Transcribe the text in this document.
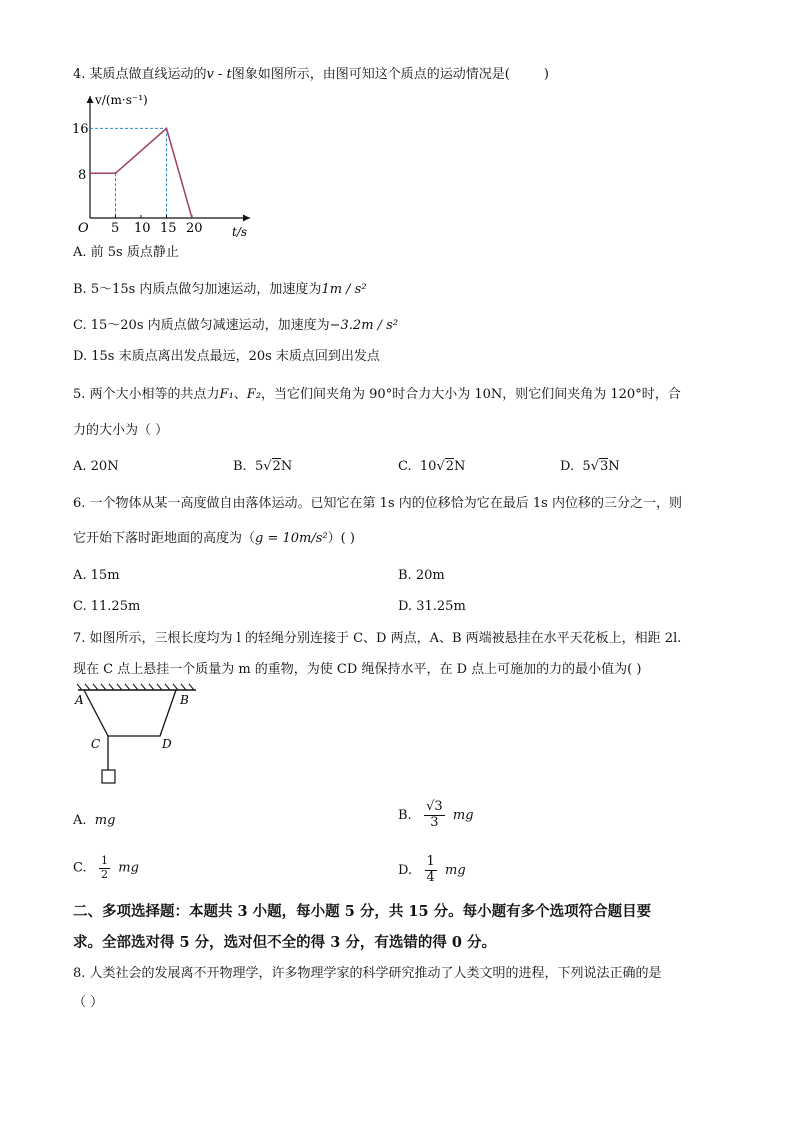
4. 某质点做直线运动的v - t图象如图所示，由图可知这个质点的运动情况是(	)
v/(m·s⁻¹)
t/s
O
8
16
5 10 15 20
A. 前 5s 质点静止
B. 5～15s 内质点做匀加速运动，加速度为1m / s²
C. 15～20s 内质点做匀减速运动，加速度为−3.2m / s²
D. 15s 末质点离出发点最远，20s 末质点回到出发点
5. 两个大小相等的共点力F₁、F₂，当它们间夹角为 90°时合力大小为 10N，则它们间夹角为 120°时，合
力的大小为（ ）
A. 20N	B. 5√2N	C. 10√2N	D. 5√3N
6. 一个物体从某一高度做自由落体运动。已知它在第 1s 内的位移恰为它在最后 1s 内位移的三分之一，则
它开始下落时距地面的高度为（g = 10m/s²）( )
A. 15m	B. 20m
C. 11.25m	D. 31.25m
7. 如图所示，三根长度均为 l 的轻绳分别连接于 C、D 两点，A、B 两端被悬挂在水平天花板上，相距 2l.
现在 C 点上悬挂一个质量为 m 的重物，为使 CD 绳保持水平，在 D 点上可施加的力的最小值为( )
A	B
C	D
A. mg	B. $\frac{√3}{3}$ mg
C. $\frac{1}{2}$ mg	D. $\frac{1}{4}$ mg
二、多项选择题：本题共 3 小题，每小题 5 分，共 15 分。每小题有多个选项符合题目要
求。全部选对得 5 分，选对但不全的得 3 分，有选错的得 0 分。
8. 人类社会的发展离不开物理学，许多物理学家的科学研究推动了人类文明的进程，下列说法正确的是
（ ）
